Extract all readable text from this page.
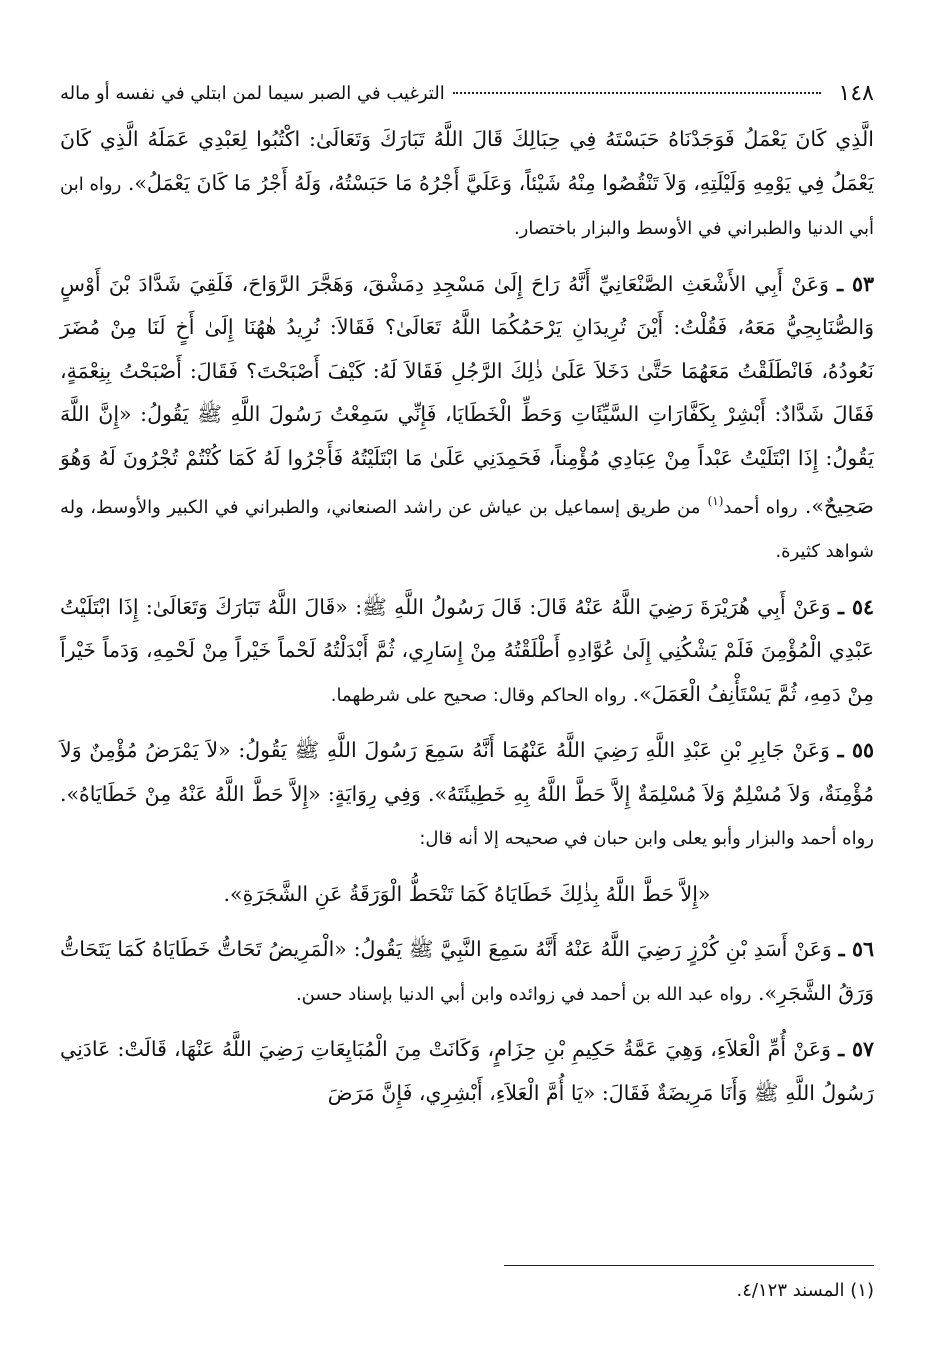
١٤٨
الترغيب في الصبر سيما لمن ابتلي في نفسه أو ماله

الَّذِي كَانَ يَعْمَلُ فَوَجَدْنَاهُ حَبَسْتَهُ فِي حِبَالِكَ قَالَ اللَّهُ تَبَارَكَ وَتَعَالَىٰ: اكْتُبُوا لِعَبْدِي عَمَلَهُ الَّذِي كَانَ يَعْمَلُ فِي يَوْمِهِ وَلَيْلَتِهِ، وَلاَ تَنْقُصُوا مِنْهُ شَيْئاً، وَعَلَيَّ أَجْرُهُ مَا حَبَسْتُهُ، وَلَهُ أَجْرُ مَا كَانَ يَعْمَلُ». رواه ابن أبي الدنيا والطبراني في الأوسط والبزار باختصار.

٥٣ ـ وَعَنْ أَبِي الأَشْعَثِ الصَّنْعَانِيِّ أَنَّهُ رَاحَ إِلَىٰ مَسْجِدِ دِمَشْقَ، وَهَجَّرَ الرَّوَاحَ، فَلَقِيَ شَدَّادَ بْنَ أَوْسٍ وَالصُّنَابِحِيُّ مَعَهُ، فَقُلْتُ: أَيْنَ تُرِيدَانِ يَرْحَمُكُمَا اللَّهُ تَعَالَىٰ؟ فَقَالاَ: نُرِيدُ هٰهُنَا إِلَىٰ أَخٍ لَنَا مِنْ مُضَرَ نَعُودُهُ، فَانْطَلَقْتُ مَعَهُمَا حَتَّىٰ دَخَلاَ عَلَىٰ ذٰلِكَ الرَّجُلِ فَقَالاَ لَهُ: كَيْفَ أَصْبَحْتَ؟ فَقَالَ: أَصْبَحْتُ بِنِعْمَةٍ، فَقَالَ شَدَّادٌ: أَبْشِرْ بِكَفَّارَاتِ السَّيِّئَاتِ وَحَطِّ الْخَطَايَا، فَإِنِّي سَمِعْتُ رَسُولَ اللَّهِ ﷺ يَقُولُ: «إِنَّ اللَّهَ يَقُولُ: إِذَا ابْتَلَيْتُ عَبْداً مِنْ عِبَادِي مُؤْمِناً، فَحَمِدَنِي عَلَىٰ مَا ابْتَلَيْتُهُ فَأَجْرُوا لَهُ كَمَا كُنْتُمْ تُجْرُونَ لَهُ وَهُوَ صَحِيحٌ». رواه أحمد$^{(١)}$ من طريق إسماعيل بن عياش عن راشد الصنعاني، والطبراني في الكبير والأوسط، وله شواهد كثيرة.

٥٤ ـ وَعَنْ أَبِي هُرَيْرَةَ رَضِيَ اللَّهُ عَنْهُ قَالَ: قَالَ رَسُولُ اللَّهِ ﷺ: «قَالَ اللَّهُ تَبَارَكَ وَتَعَالَىٰ: إِذَا ابْتَلَيْتُ عَبْدِي الْمُؤْمِنَ فَلَمْ يَشْكُنِي إِلَىٰ عُوَّادِهِ أَطْلَقْتُهُ مِنْ إِسَارِي، ثُمَّ أَبْدَلْتُهُ لَحْماً خَيْراً مِنْ لَحْمِهِ، وَدَماً خَيْراً مِنْ دَمِهِ، ثُمَّ يَسْتَأْنِفُ الْعَمَلَ». رواه الحاكم وقال: صحيح على شرطهما.

٥٥ ـ وَعَنْ جَابِرِ بْنِ عَبْدِ اللَّهِ رَضِيَ اللَّهُ عَنْهُمَا أَنَّهُ سَمِعَ رَسُولَ اللَّهِ ﷺ يَقُولُ: «لاَ يَمْرَضُ مُؤْمِنٌ وَلاَ مُؤْمِنَةٌ، وَلاَ مُسْلِمٌ وَلاَ مُسْلِمَةٌ إِلاَّ حَطَّ اللَّهُ بِهِ خَطِيئَتَهُ». وَفِي رِوَايَةٍ: «إِلاَّ حَطَّ اللَّهُ عَنْهُ مِنْ خَطَايَاهُ». رواه أحمد والبزار وأبو يعلى وابن حبان في صحيحه إلا أنه قال:

«إِلاَّ حَطَّ اللَّهُ بِذٰلِكَ خَطَايَاهُ كَمَا تَنْحَطُّ الْوَرَقَةُ عَنِ الشَّجَرَةِ».

٥٦ ـ وَعَنْ أَسَدِ بْنِ كُرْزٍ رَضِيَ اللَّهُ عَنْهُ أَنَّهُ سَمِعَ النَّبِيَّ ﷺ يَقُولُ: «الْمَرِيضُ تَحَاتُّ خَطَايَاهُ كَمَا يَتَحَاتُّ وَرَقُ الشَّجَرِ». رواه عبد الله بن أحمد في زوائده وابن أبي الدنيا بإسناد حسن.

٥٧ ـ وَعَنْ أُمِّ الْعَلاَءِ، وَهِيَ عَمَّةُ حَكِيمِ بْنِ حِزَامٍ، وَكَانَتْ مِنَ الْمُبَايِعَاتِ رَضِيَ اللَّهُ عَنْهَا، قَالَتْ: عَادَنِي رَسُولُ اللَّهِ ﷺ وَأَنَا مَرِيضَةٌ فَقَالَ: «يَا أُمَّ الْعَلاَءِ، أَبْشِرِي، فَإِنَّ مَرَضَ

(١) المسند ٤/١٢٣.
